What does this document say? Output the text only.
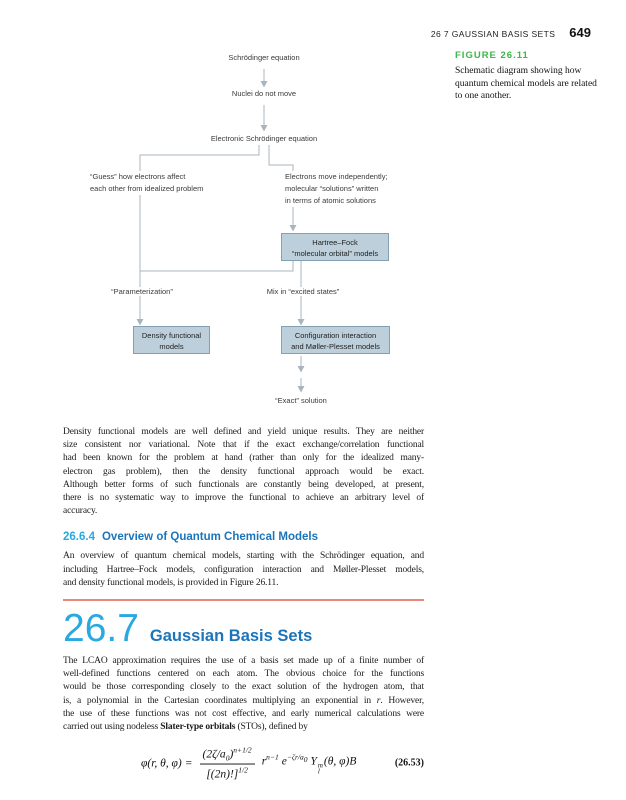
26 7 GAUSSIAN BASIS SETS 649
FIGURE 26.11
Schematic diagram showing how
quantum chemical models are related
to one another.
Schrödinger equation
Nuclei do not move
Electronic Schrödinger equation
“Guess” how electrons affect
each other from idealized problem
Electrons move independently;
molecular “solutions” written
in terms of atomic solutions
Hartree–Fock
“molecular orbital” models
“Parameterization”	Mix in “excited states”
Density functional
models
Configuration interaction
and Møller-Plesset models
“Exact” solution
Density functional models are well defined and yield unique results. They are neither
size consistent nor variational. Note that if the exact exchange/correlation functional
had been known for the problem at hand (rather than only for the idealized many-
electron gas problem), then the density functional approach would be exact.
Although better forms of such functionals are constantly being developed, at present,
there is no systematic way to improve the functional to achieve an arbitrary level of
accuracy.
26.6.4 Overview of Quantum Chemical Models
An overview of quantum chemical models, starting with the Schrödinger equation, and
including Hartree–Fock models, configuration interaction and Møller-Plesset models,
and density functional models, is provided in Figure 26.11.
26.7 Gaussian Basis Sets
The LCAO approximation requires the use of a basis set made up of a finite number of
well-defined functions centered on each atom. The obvious choice for the functions
would be those corresponding closely to the exact solution of the hydrogen atom, that
is, a polynomial in the Cartesian coordinates multiplying an exponential in r. However,
the use of these functions was not cost effective, and early numerical calculations were
carried out using nodeless Slater-type orbitals (STOs), defined by
φ(r, θ, $\varphi) = \frac{(2\zeta/a_0)^{n+1/2}}{[(2n)!]^{1/2}} r^{n-1}$ $e^{-\zeta r/a_0}$ Y m
l
(θ, φ)B	(26.53)
